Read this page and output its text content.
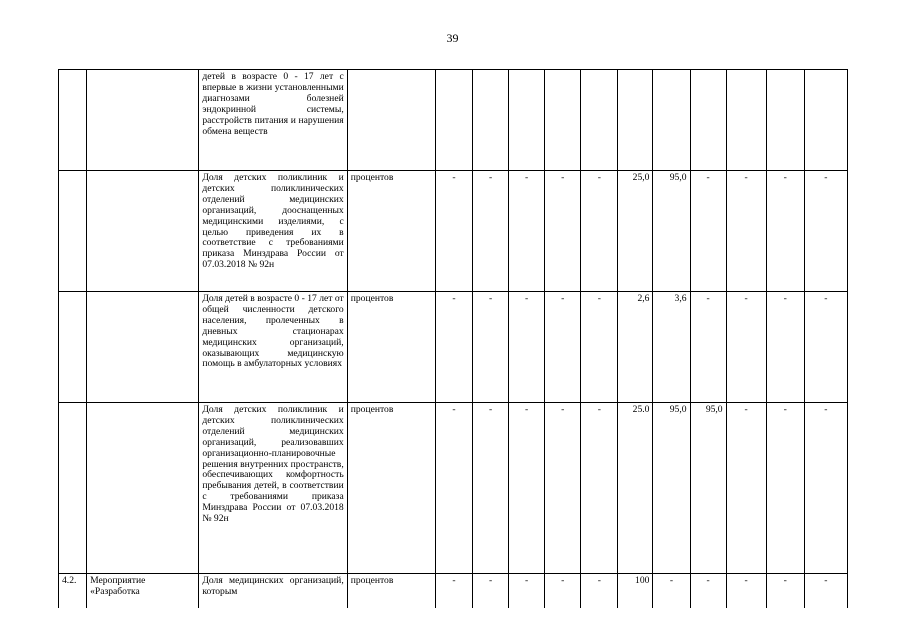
39
		детей в возрасте 0 - 17 лет с впервые в жизни установленными диагнозами болезней эндокринной системы, расстройств питания и нарушения обмена веществ												
		Доля детских поликлиник и детских поликлинических отделений медицинских организаций, дооснащенных медицинскими изделиями, с целью приведения их в соответствие с требованиями приказа Минздрава России от 07.03.2018 № 92н	процентов	-	-	-	-	-	25,0	95,0	-	-	-	-
		Доля детей в возрасте 0 - 17 лет от общей численности детского населения, пролеченных в дневных стационарах медицинских организаций, оказывающих медицинскую помощь в амбулаторных условиях	процентов	-	-	-	-	-	2,6	3,6	-	-	-	-
		Доля детских поликлиник и детских поликлинических отделений медицинских организаций, реализовавших организационно-планировочные решения внутренних пространств, обеспечивающих комфортность пребывания детей, в соответствии с требованиями приказа Минздрава России от 07.03.2018 № 92н	процентов	-	-	-	-	-	25.0	95,0	95,0	-	-	-
4.2.	Мероприятие «Разработка	Доля медицинских организаций, которым	процентов	-	-	-	-	-	100	-	-	-	-	-
